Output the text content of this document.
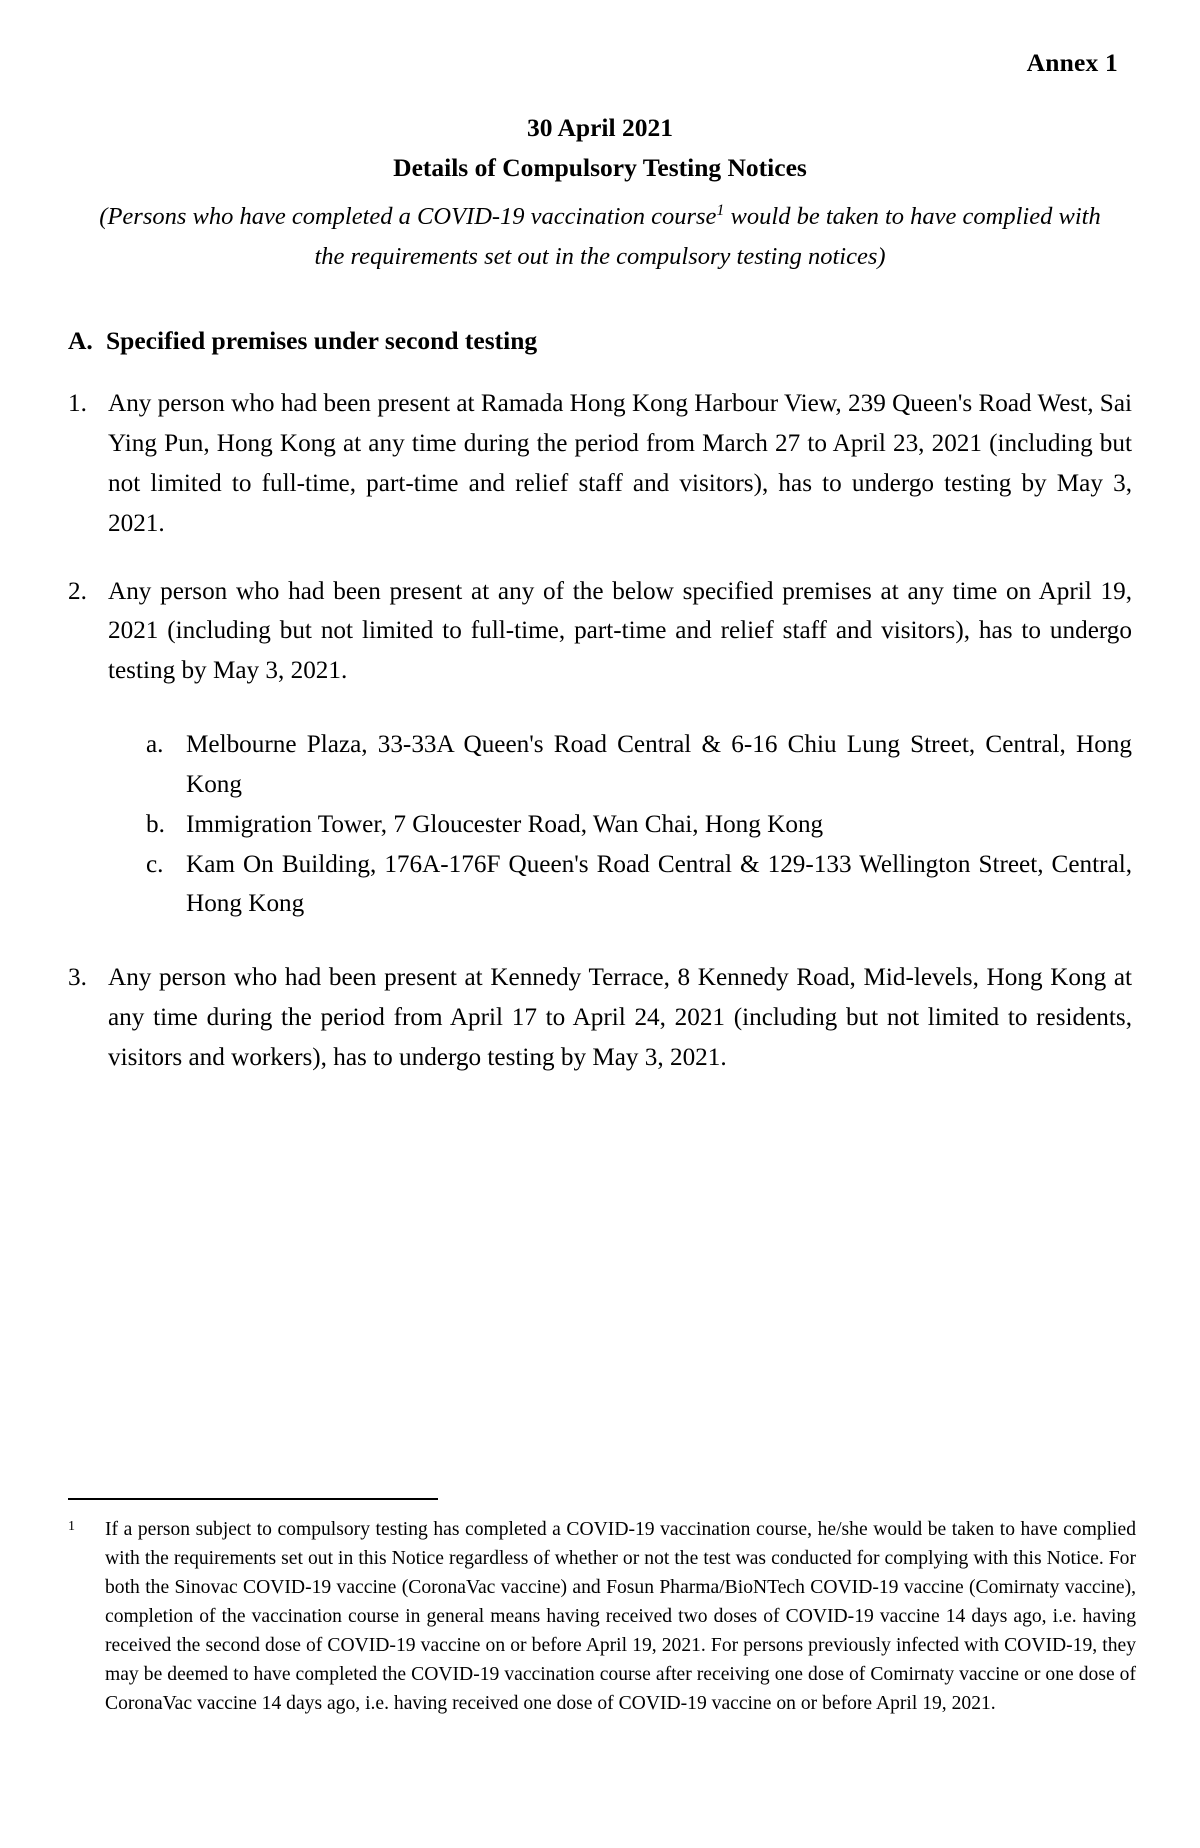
Annex 1
30 April 2021
Details of Compulsory Testing Notices
(Persons who have completed a COVID-19 vaccination course$^1$ would be taken to have complied with the requirements set out in the compulsory testing notices)
A. Specified premises under second testing
1. Any person who had been present at Ramada Hong Kong Harbour View, 239 Queen's Road West, Sai Ying Pun, Hong Kong at any time during the period from March 27 to April 23, 2021 (including but not limited to full-time, part-time and relief staff and visitors), has to undergo testing by May 3, 2021.
2. Any person who had been present at any of the below specified premises at any time on April 19, 2021 (including but not limited to full-time, part-time and relief staff and visitors), has to undergo testing by May 3, 2021.
a. Melbourne Plaza, 33-33A Queen's Road Central & 6-16 Chiu Lung Street, Central, Hong Kong
b. Immigration Tower, 7 Gloucester Road, Wan Chai, Hong Kong
c. Kam On Building, 176A-176F Queen's Road Central & 129-133 Wellington Street, Central, Hong Kong
3. Any person who had been present at Kennedy Terrace, 8 Kennedy Road, Mid-levels, Hong Kong at any time during the period from April 17 to April 24, 2021 (including but not limited to residents, visitors and workers), has to undergo testing by May 3, 2021.
1	If a person subject to compulsory testing has completed a COVID-19 vaccination course, he/she would be taken to have complied with the requirements set out in this Notice regardless of whether or not the test was conducted for complying with this Notice. For both the Sinovac COVID-19 vaccine (CoronaVac vaccine) and Fosun Pharma/BioNTech COVID-19 vaccine (Comirnaty vaccine), completion of the vaccination course in general means having received two doses of COVID-19 vaccine 14 days ago, i.e. having received the second dose of COVID-19 vaccine on or before April 19, 2021. For persons previously infected with COVID-19, they may be deemed to have completed the COVID-19 vaccination course after receiving one dose of Comirnaty vaccine or one dose of CoronaVac vaccine 14 days ago, i.e. having received one dose of COVID-19 vaccine on or before April 19, 2021.
